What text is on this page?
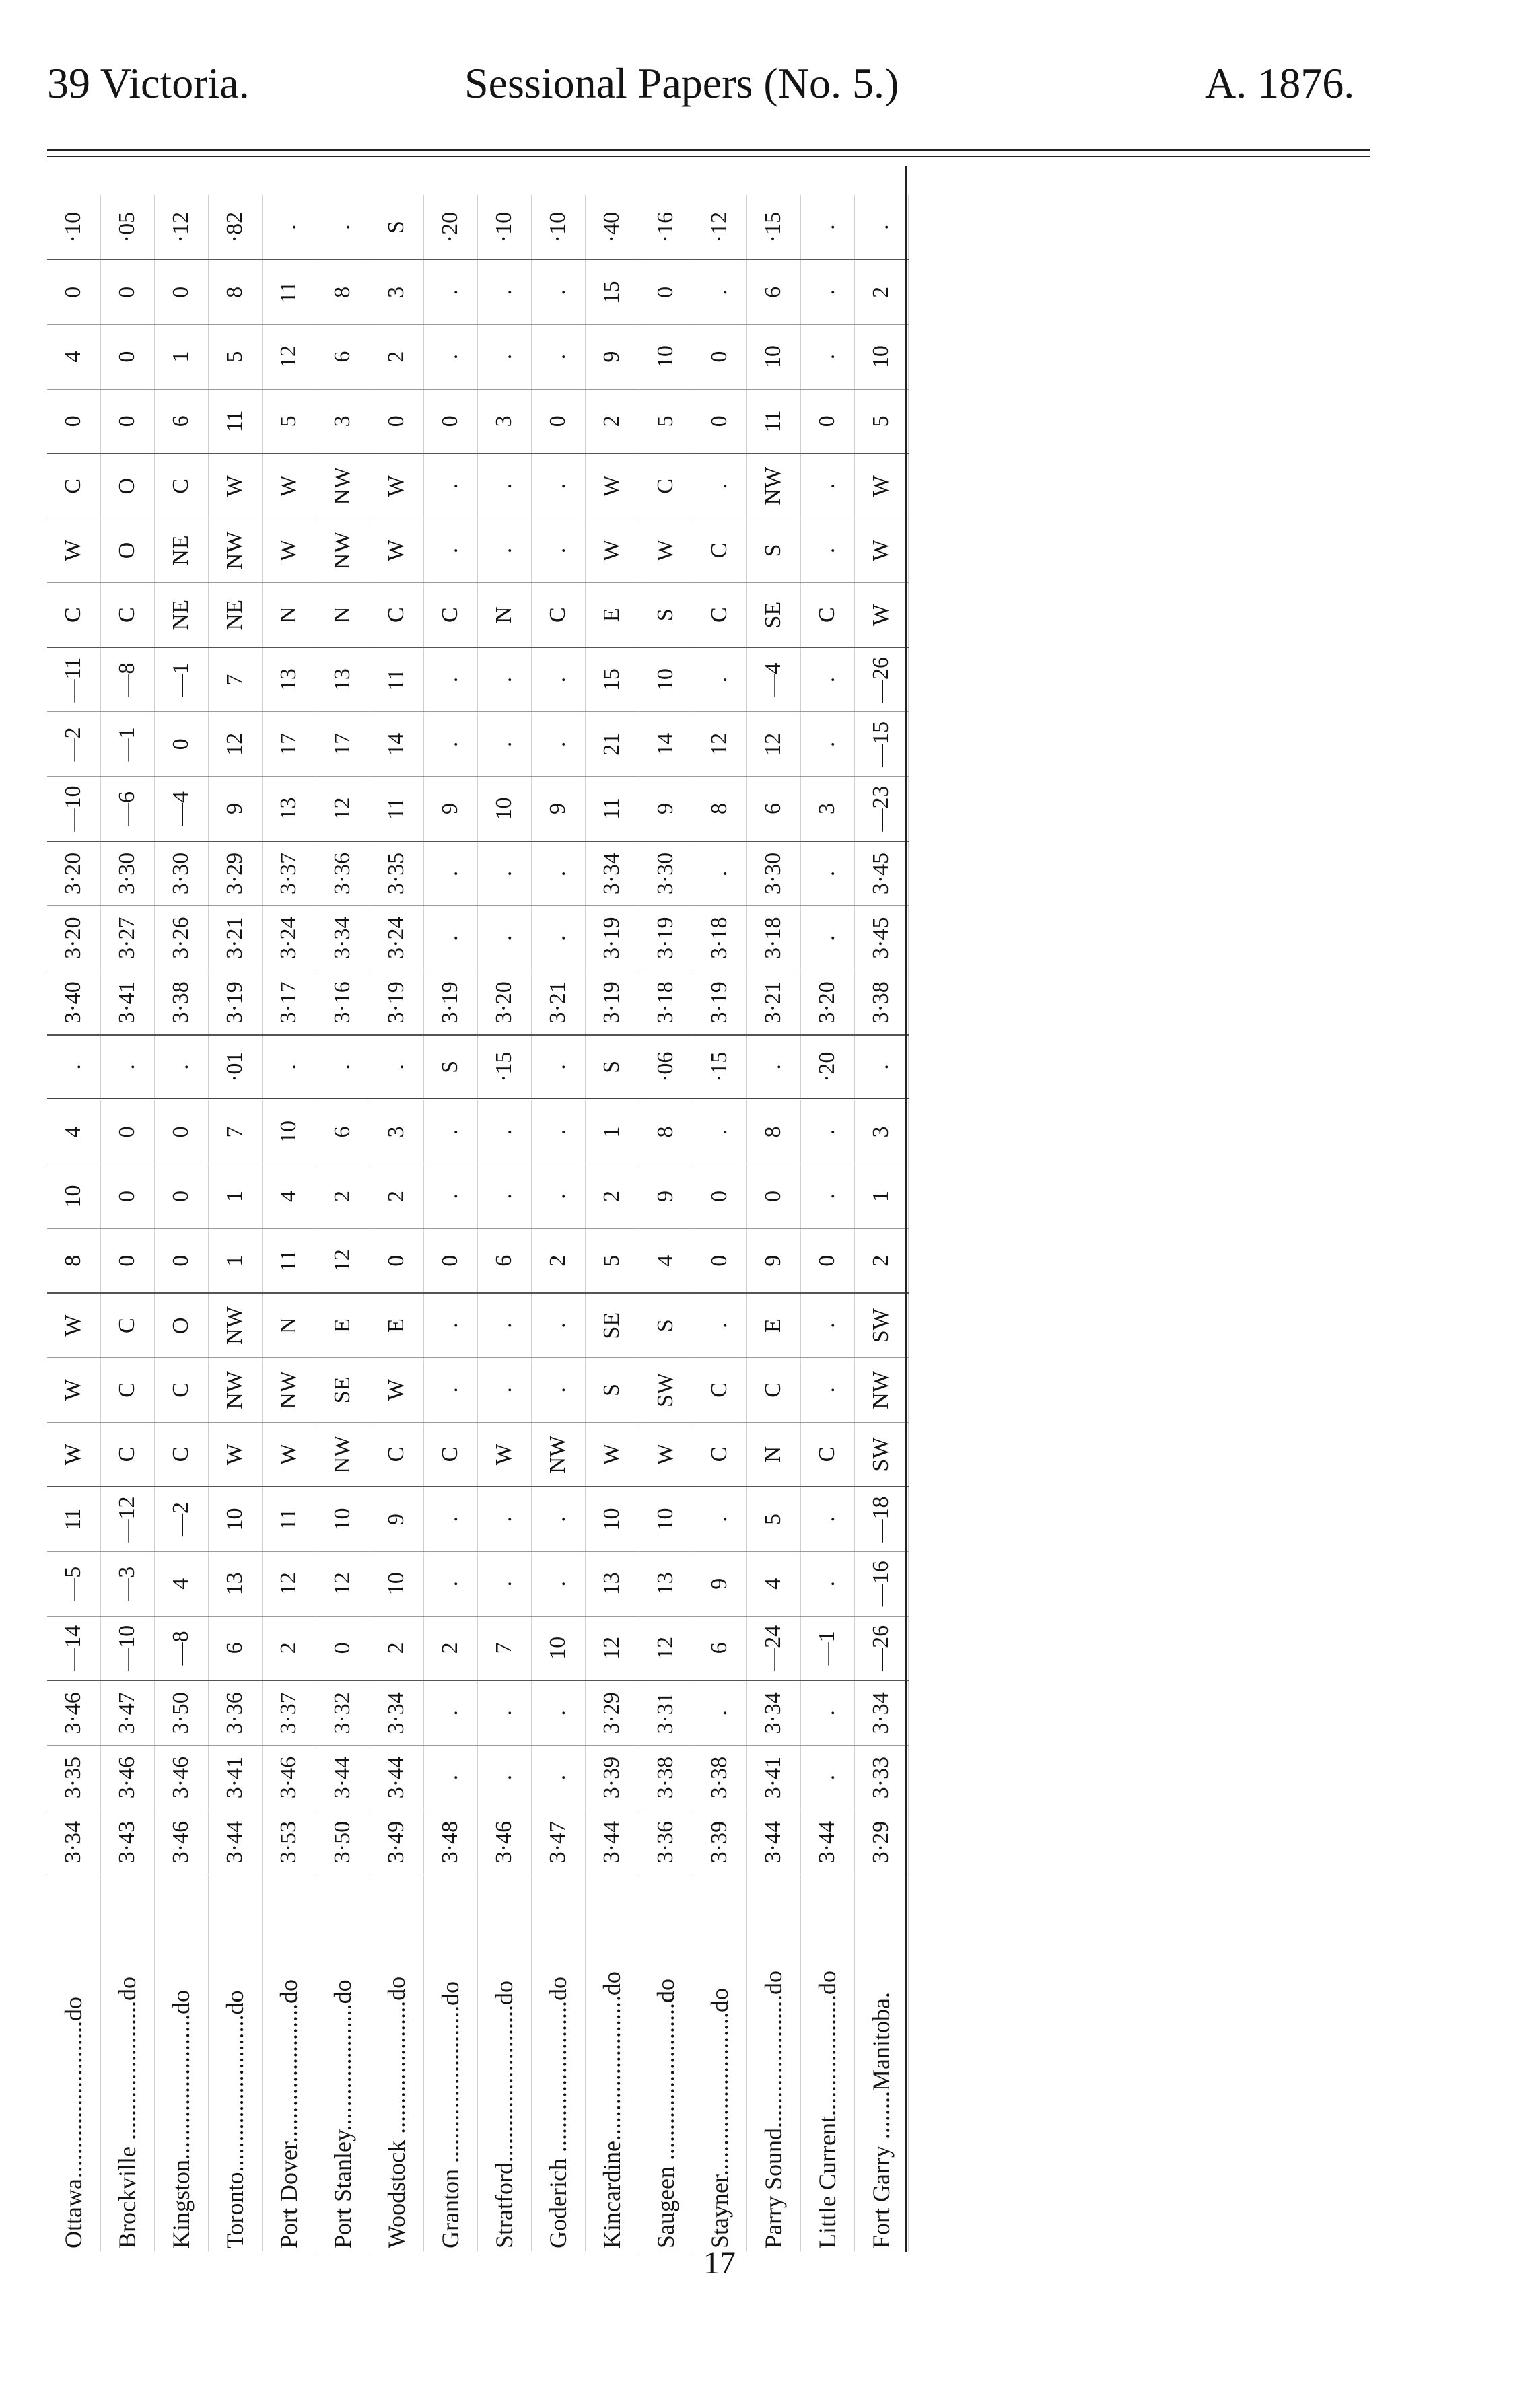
39 Victoria.	Sessional Papers (No. 5.)	A. 1876.
Ottawa..........................do	3·34	3·35	3·46	—14	—5	11	W	W	W	8	10	4	.	3·40	3·20	3·20	—10	—2	—11	C	W	C	0	4	0	·10
Brockville .......................do	3·43	3·46	3·47	—10	—3	—12	C	C	C	0	0	0	.	3·41	3·27	3·30	—6	—1	—8	C	O	O	0	0	0	·05
Kingston........................do	3·46	3·46	3·50	—8	4	—2	C	C	O	0	0	0	.	3·38	3·26	3·30	—4	0	—1	NE	NE	C	6	1	0	·12
Toronto..........................do	3·44	3·41	3·36	6	13	10	W	NW	NW	1	1	7	·01	3·19	3·21	3·29	9	12	7	NE	NW	W	11	5	8	·82
Port Dover.......................do	3·53	3·46	3·37	2	12	11	W	NW	N	11	4	10	.	3·17	3·24	3·37	13	17	13	N	W	W	5	12	11	.
Port Stanley.....................do	3·50	3·44	3·32	0	12	10	NW	SE	E	12	2	6	.	3·16	3·34	3·36	12	17	13	N	NW	NW	3	6	8	.
Woodstock ......................do	3·49	3·44	3·34	2	10	9	C	W	E	0	2	3	.	3·19	3·24	3·35	11	14	11	C	W	W	0	2	3	S
Granton ..........................do	3·48	.	.	2	.	.	C	.	.	0	.	.	S	3·19	.	.	9	.	.	C	.	.	0	.	.	·20
Stratford..........................do	3·46	.	.	7	.	.	W	.	.	6	.	.	·15	3·20	.	.	10	.	.	N	.	.	3	.	.	·10
Goderich .........................do	3·47	.	.	10	.	.	NW	.	.	2	.	.	.	3·21	.	.	9	.	.	C	.	.	0	.	.	·10
Kincardine........................do	3·44	3·39	3·29	12	13	10	W	S	SE	5	2	1	S	3·19	3·19	3·34	11	21	15	E	W	W	2	9	15	·40
Saugeen ..........................do	3·36	3·38	3·31	12	13	10	W	SW	S	4	9	8	·06	3·18	3·19	3·30	9	14	10	S	W	C	5	10	0	·16
Stayner...........................do	3·39	3·38	.	6	9	.	C	C	.	0	0	.	·15	3·19	3·18	.	8	12	.	C	C	.	0	0	.	·12
Parry Sound......................do	3·44	3·41	3·34	—24	4	5	N	C	E	9	0	8	.	3·21	3·18	3·30	6	12	—4	SE	S	NW	11	10	6	·15
Little Current....................do	3·44	.	.	—1	.	.	C	.	.	0	.	.	·20	3·20	.	.	3	.	.	C	.	.	0	.	.	.
Fort Garry ........Manitoba.	3·29	3·33	3·34	—26	—16	—18	SW	NW	SW	2	1	3	.	3·38	3·45	3·45	—23	—15	—26	W	W	W	5	10	2	.
17
